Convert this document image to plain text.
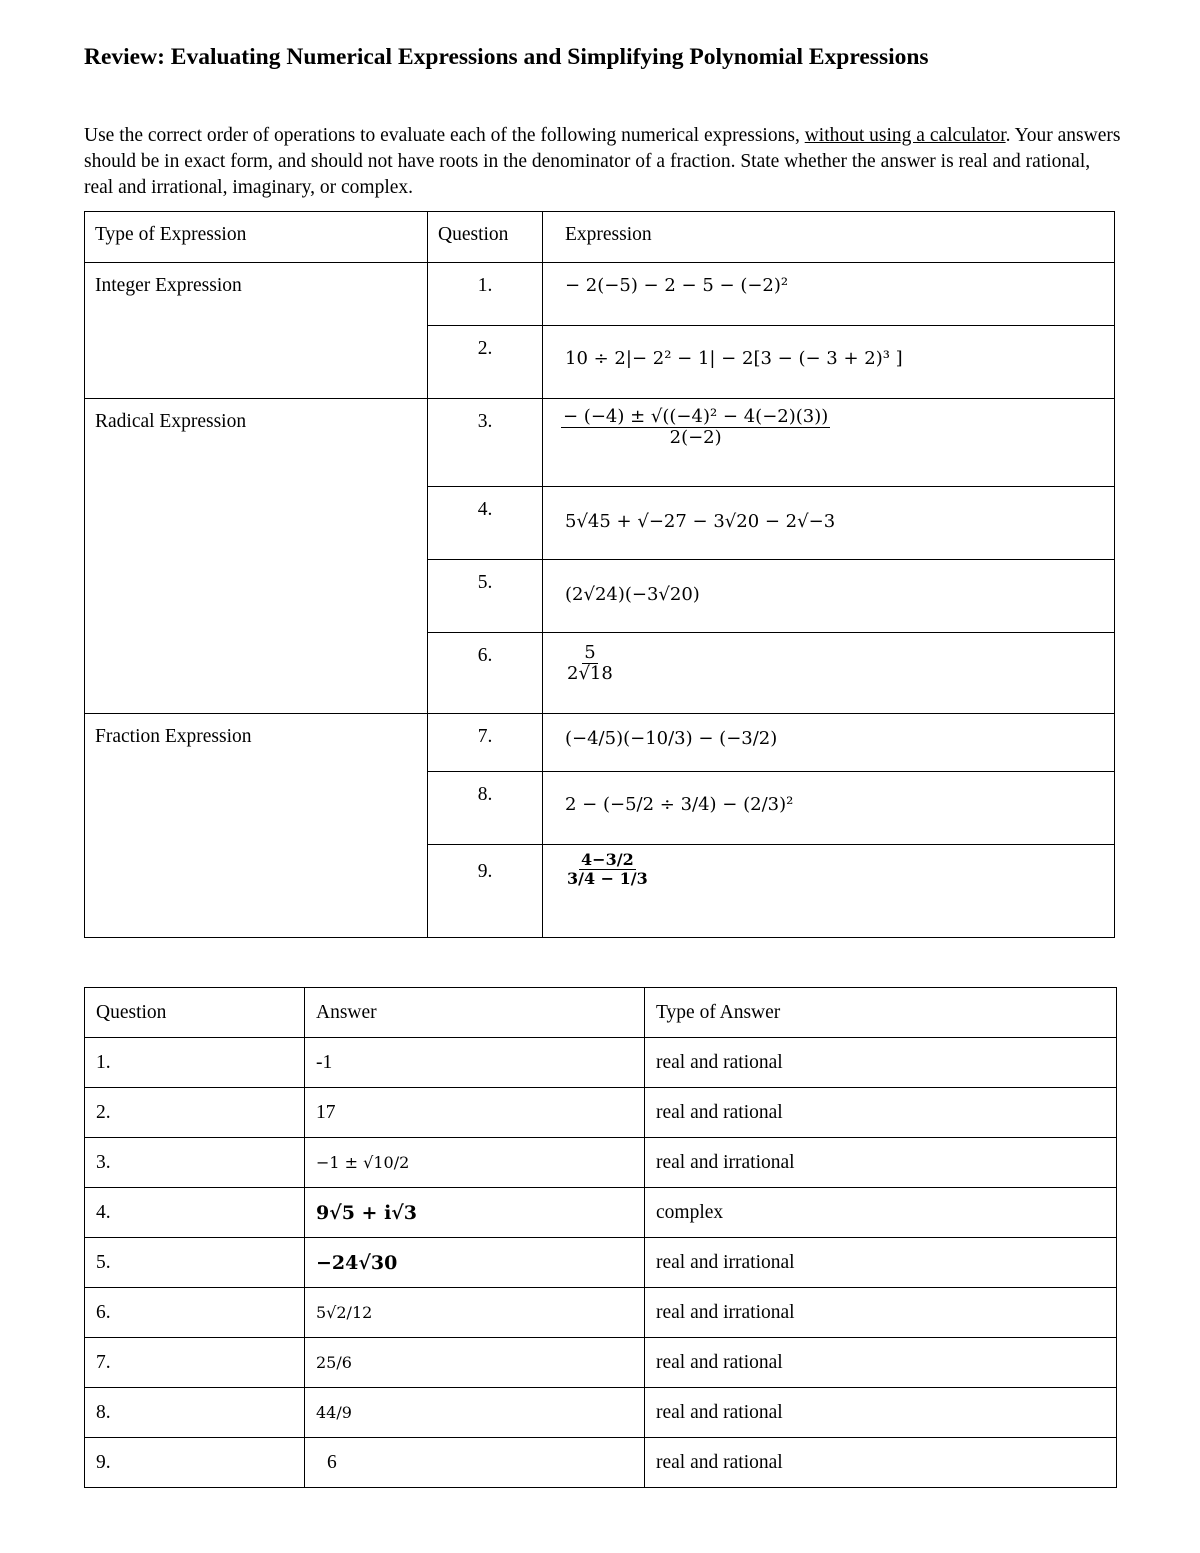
Review: Evaluating Numerical Expressions and Simplifying Polynomial Expressions
Use the correct order of operations to evaluate each of the following numerical expressions, without using a calculator. Your answers should be in exact form, and should not have roots in the denominator of a fraction. State whether the answer is real and rational, real and irrational, imaginary, or complex.
Type of Expression	Question	Expression
Integer Expression	1.	− 2(−5) − 2 − 5 − (−2)²
	2.	10 ÷ 2|− 2² − 1| − 2[3 − (− 3 + 2)³ ]
Radical Expression	3.	$\frac{\text{− (−4) ± √((−4)² − 4(−2)(3))}}{2(-2)}$

	4.	5√45 + √−27 − 3√20 − 2√−3
	5.	(2√24)(−3√20)
	6.	$\frac{5}{2√18}$

Fraction Expression	7.	(−4/5)(−10/3) − (−3/2)
	8.	2 − (−5/2 ÷ 3/4) − (2/3)²
	9.	$\frac{4-3/2}{3/4 - 1/3}$
Question	Answer	Type of Answer
1.	-1	real and rational
2.	17	real and rational
3.	−1 ± √10/2	real and irrational
4.	9√5 + i√3	complex
5.	−24√30	real and irrational
6.	5√2/12	real and irrational
7.	25/6	real and rational
8.	44/9	real and rational
9.	6	real and rational
